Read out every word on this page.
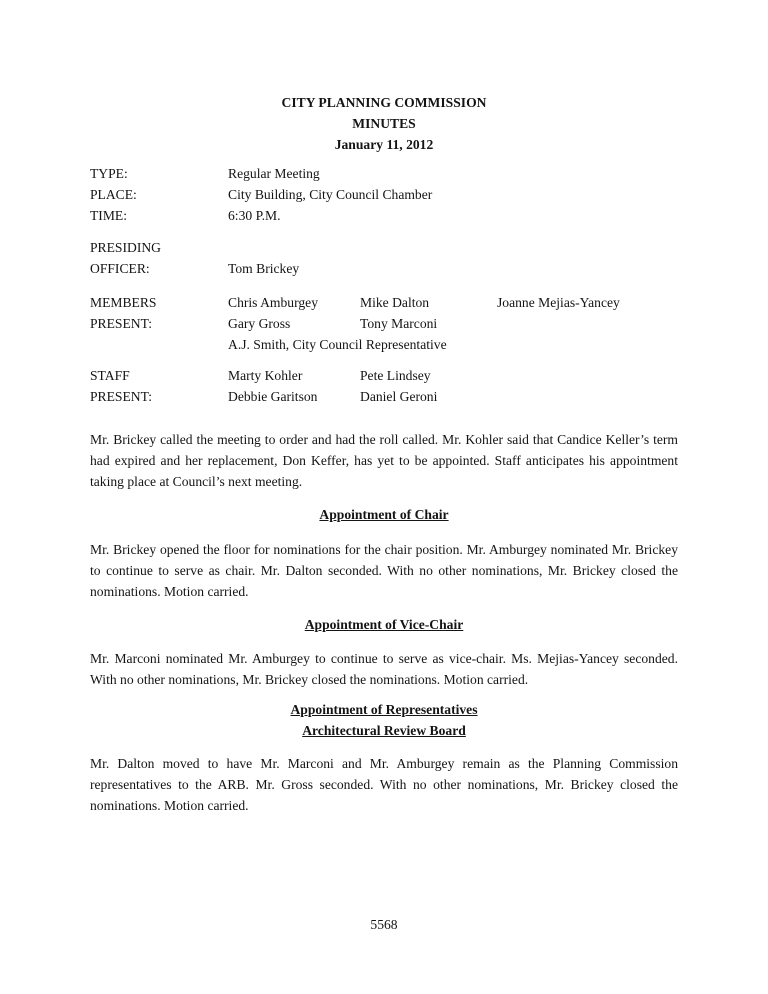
CITY PLANNING COMMISSION
MINUTES
January 11, 2012
TYPE:	Regular Meeting
PLACE:	City Building, City Council Chamber
TIME:	6:30 P.M.
PRESIDING
OFFICER:	Tom Brickey
MEMBERS	Chris Amburgey	Mike Dalton	Joanne Mejias-Yancey
PRESENT:	Gary Gross	Tony Marconi
A.J. Smith, City Council Representative
STAFF	Marty Kohler	Pete Lindsey
PRESENT:	Debbie Garitson	Daniel Geroni

Mr. Brickey called the meeting to order and had the roll called. Mr. Kohler said that Candice Keller’s term had expired and her replacement, Don Keffer, has yet to be appointed. Staff anticipates his appointment taking place at Council’s next meeting.

Appointment of Chair

Mr. Brickey opened the floor for nominations for the chair position. Mr. Amburgey nominated Mr. Brickey to continue to serve as chair. Mr. Dalton seconded. With no other nominations, Mr. Brickey closed the nominations. Motion carried.

Appointment of Vice-Chair

Mr. Marconi nominated Mr. Amburgey to continue to serve as vice-chair. Ms. Mejias-Yancey seconded. With no other nominations, Mr. Brickey closed the nominations. Motion carried.

Appointment of Representatives
Architectural Review Board

Mr. Dalton moved to have Mr. Marconi and Mr. Amburgey remain as the Planning Commission representatives to the ARB. Mr. Gross seconded. With no other nominations, Mr. Brickey closed the nominations. Motion carried.

5568
